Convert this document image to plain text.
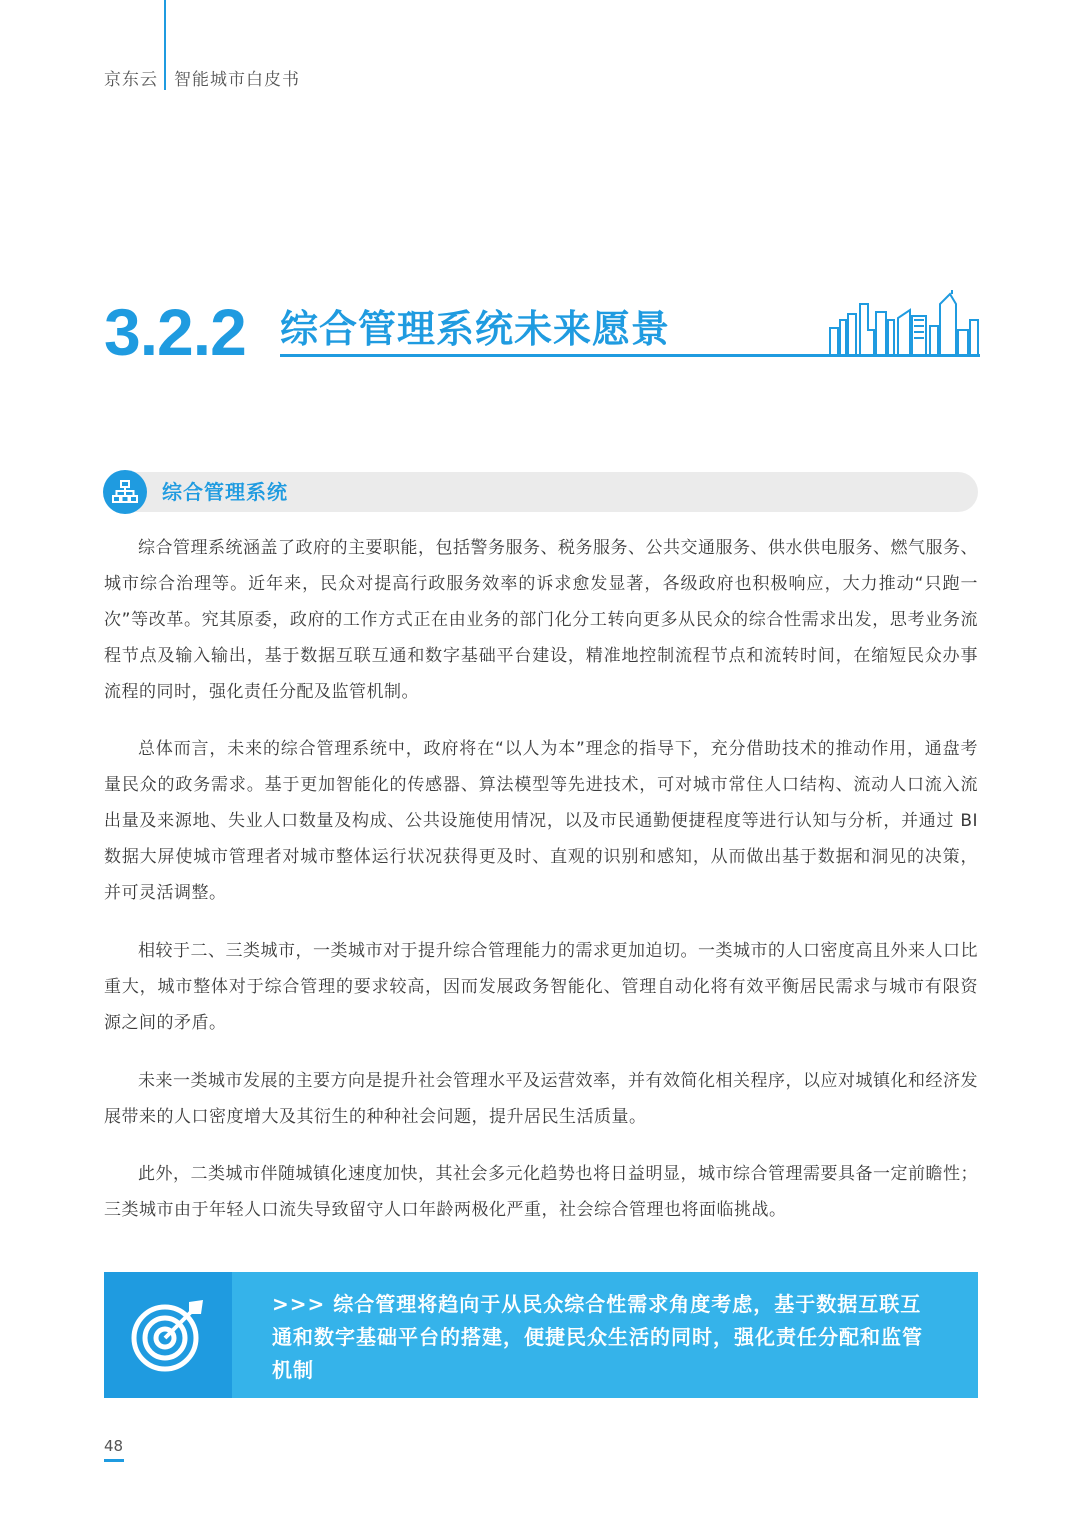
京东云 智能城市白皮书
3.2.2 综合管理系统未来愿景
综合管理系统

综合管理系统涵盖了政府的主要职能，包括警务服务、税务服务、公共交通服务、供水供电服务、燃气服务、城市综合治理等。近年来，民众对提高行政服务效率的诉求愈发显著，各级政府也积极响应，大力推动“只跑一次”等改革。究其原委，政府的工作方式正在由业务的部门化分工转向更多从民众的综合性需求出发，思考业务流程节点及输入输出，基于数据互联互通和数字基础平台建设，精准地控制流程节点和流转时间，在缩短民众办事流程的同时，强化责任分配及监管机制。

总体而言，未来的综合管理系统中，政府将在“以人为本”理念的指导下，充分借助技术的推动作用，通盘考量民众的政务需求。基于更加智能化的传感器、算法模型等先进技术，可对城市常住人口结构、流动人口流入流出量及来源地、失业人口数量及构成、公共设施使用情况，以及市民通勤便捷程度等进行认知与分析，并通过 BI 数据大屏使城市管理者对城市整体运行状况获得更及时、直观的识别和感知，从而做出基于数据和洞见的决策，并可灵活调整。

相较于二、三类城市，一类城市对于提升综合管理能力的需求更加迫切。一类城市的人口密度高且外来人口比重大，城市整体对于综合管理的要求较高，因而发展政务智能化、管理自动化将有效平衡居民需求与城市有限资源之间的矛盾。

未来一类城市发展的主要方向是提升社会管理水平及运营效率，并有效简化相关程序，以应对城镇化和经济发展带来的人口密度增大及其衍生的种种社会问题，提升居民生活质量。

此外，二类城市伴随城镇化速度加快，其社会多元化趋势也将日益明显，城市综合管理需要具备一定前瞻性；三类城市由于年轻人口流失导致留守人口年龄两极化严重，社会综合管理也将面临挑战。

>>> 综合管理将趋向于从民众综合性需求角度考虑，基于数据互联互通和数字基础平台的搭建，便捷民众生活的同时，强化责任分配和监管机制
48
